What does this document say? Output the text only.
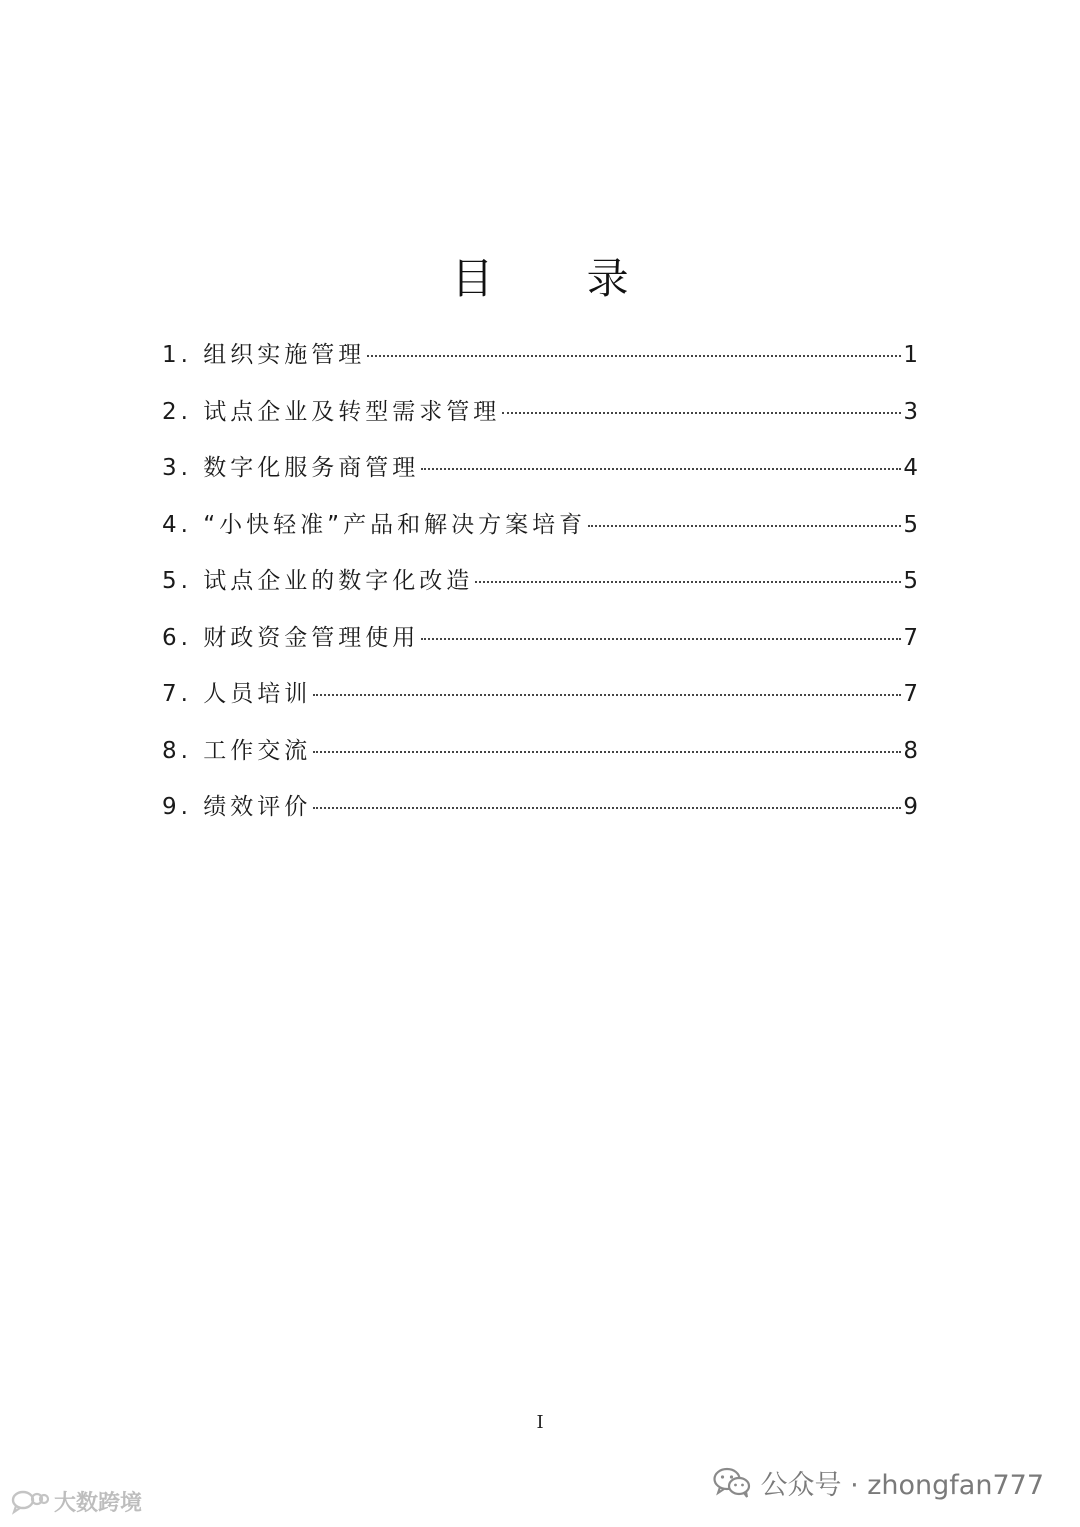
目 录
1. 组织实施管理	1
2. 试点企业及转型需求管理	3
3. 数字化服务商管理	4
4. “小快轻准”产品和解决方案培育	5
5. 试点企业的数字化改造	5
6. 财政资金管理使用	7
7. 人员培训	7
8. 工作交流	8
9. 绩效评价	9
I
公众号 · zhongfan777
大数跨境
